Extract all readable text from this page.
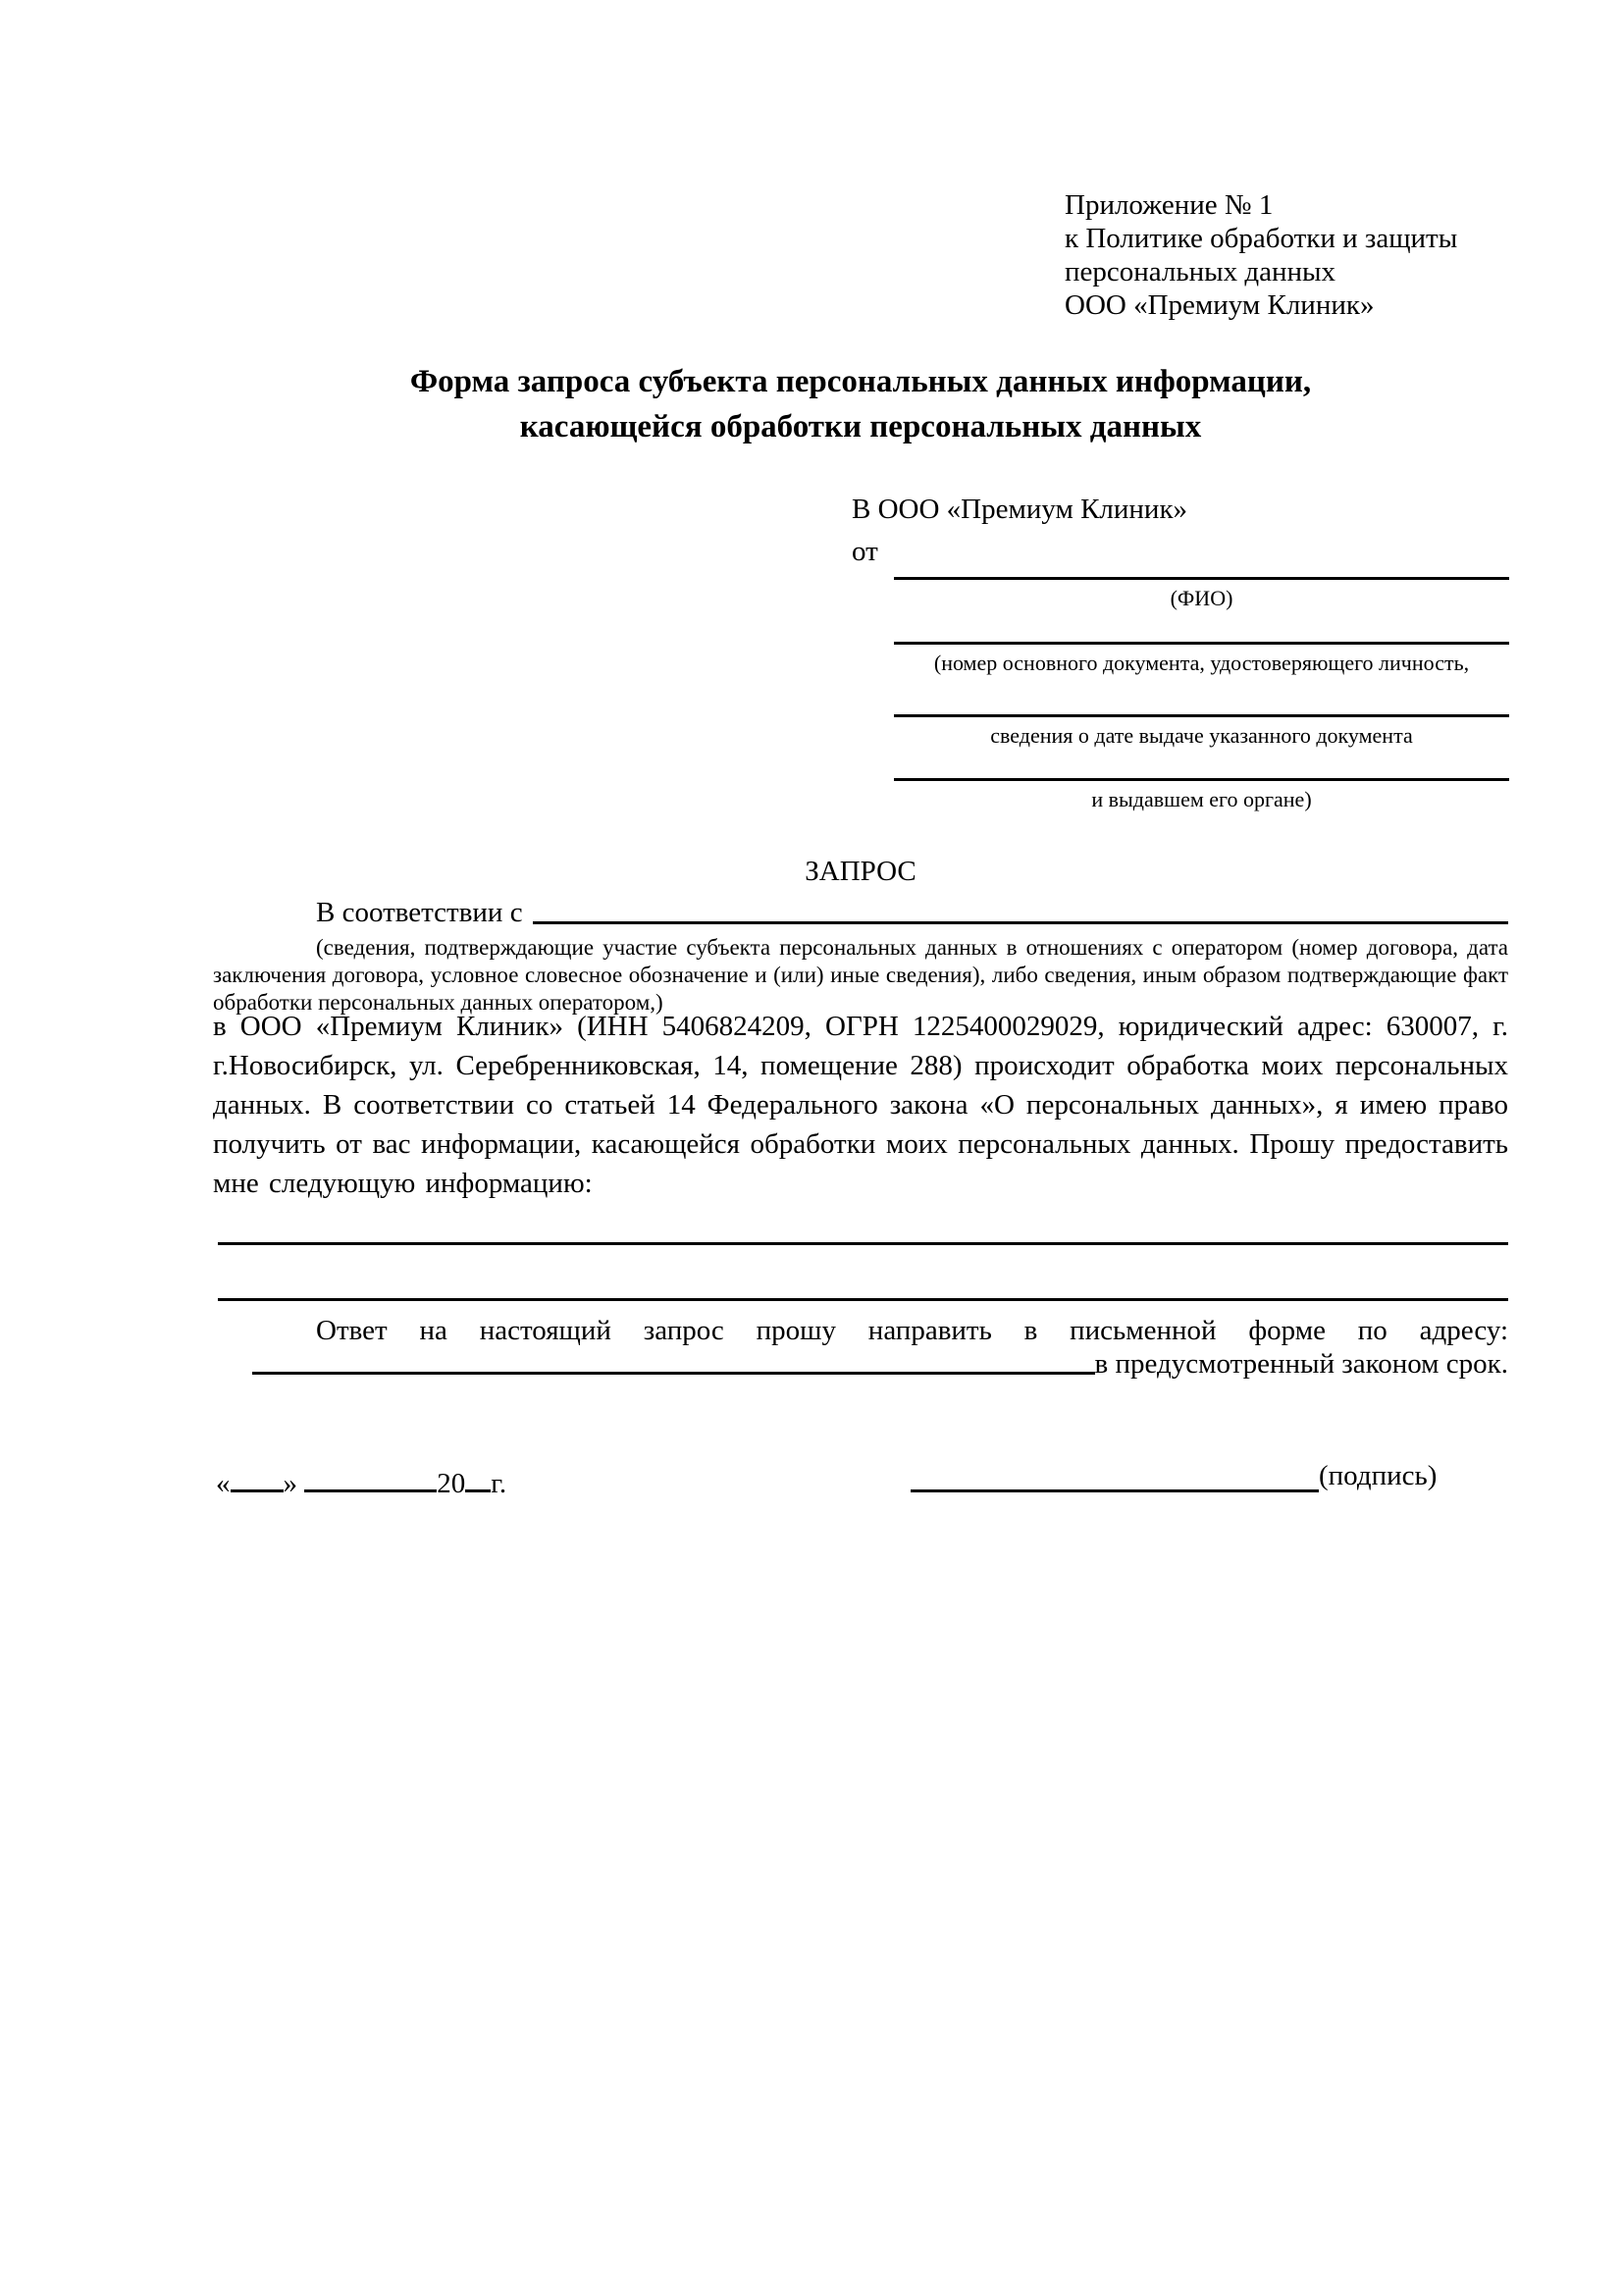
Приложение № 1
к Политике обработки и защиты
персональных данных
ООО «Премиум Клиник»
Форма запроса субъекта персональных данных информации,
касающейся обработки персональных данных
В ООО «Премиум Клиник»
от
(ФИО)
(номер основного документа, удостоверяющего личность,
сведения о дате выдаче указанного документа
и выдавшем его органе)
ЗАПРОС
В соответствии с
(сведения, подтверждающие участие субъекта персональных данных в отношениях с оператором (номер договора, дата заключения договора, условное словесное обозначение и (или) иные сведения), либо сведения, иным образом подтверждающие факт обработки персональных данных оператором,)
в ООО «Премиум Клиник» (ИНН 5406824209, ОГРН 1225400029029, юридический адрес: 630007, г. г.Новосибирск, ул. Серебренниковская, 14, помещение 288) происходит обработка моих персональных данных. В соответствии со статьей 14 Федерального закона «О персональных данных», я имею право получить от вас информации, касающейся обработки моих персональных данных. Прошу предоставить мне следующую информацию:
Ответ на настоящий запрос прошу направить в письменной форме по адресу:
в предусмотренный законом срок.
« »	20 г.	(подпись)
